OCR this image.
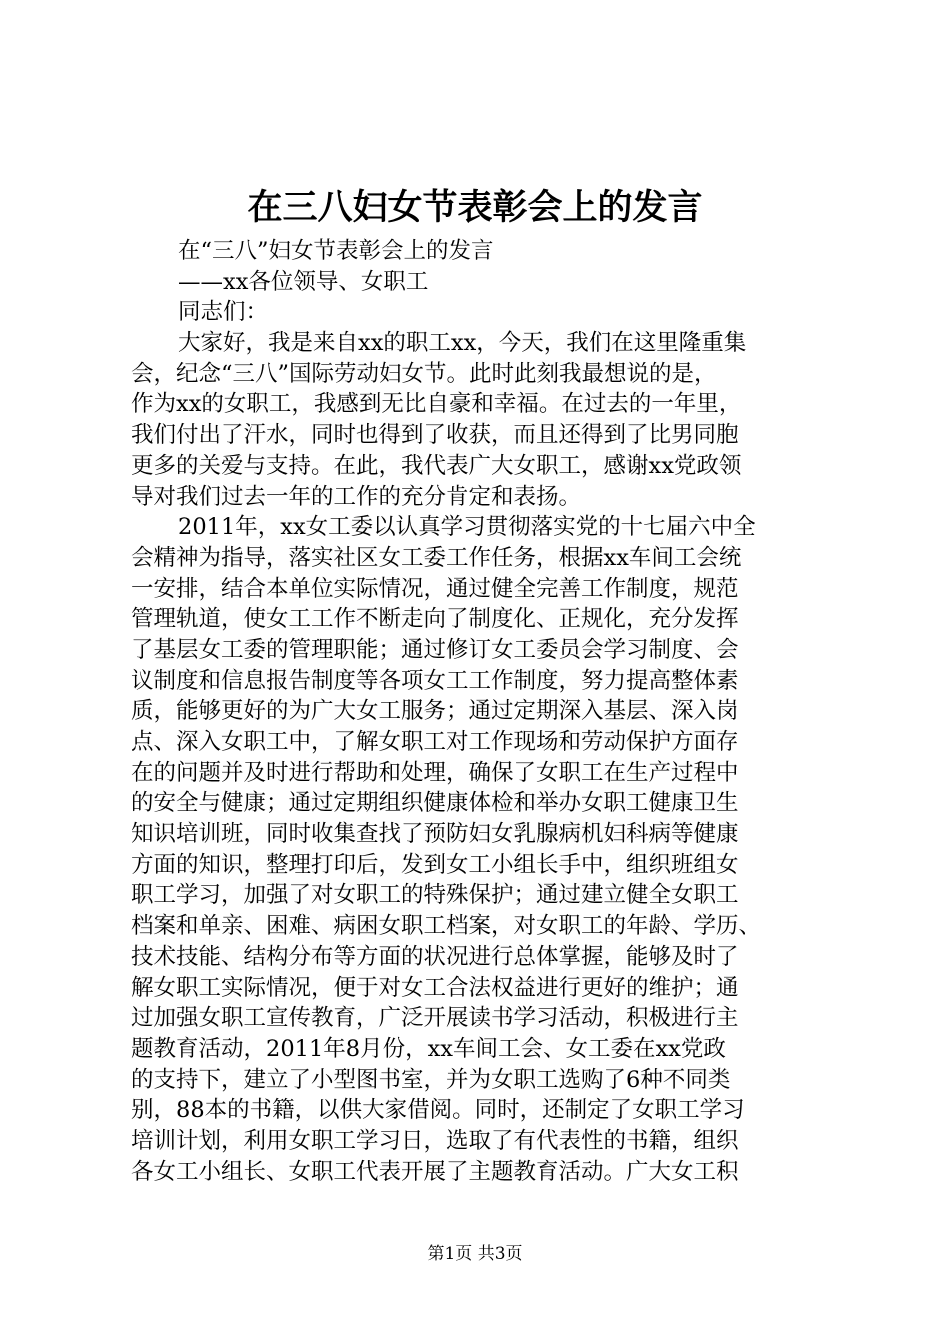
在三八妇女节表彰会上的发言
在“三八”妇女节表彰会上的发言
——xx各位领导、女职工
同志们：
大家好，我是来自xx的职工xx，今天，我们在这里隆重集
会，纪念“三八”国际劳动妇女节。此时此刻我最想说的是，
作为xx的女职工，我感到无比自豪和幸福。在过去的一年里，
我们付出了汗水，同时也得到了收获，而且还得到了比男同胞
更多的关爱与支持。在此，我代表广大女职工，感谢xx党政领
导对我们过去一年的工作的充分肯定和表扬。
2011年，xx女工委以认真学习贯彻落实党的十七届六中全
会精神为指导，落实社区女工委工作任务，根据xx车间工会统
一安排，结合本单位实际情况，通过健全完善工作制度，规范
管理轨道，使女工工作不断走向了制度化、正规化，充分发挥
了基层女工委的管理职能；通过修订女工委员会学习制度、会
议制度和信息报告制度等各项女工工作制度，努力提高整体素
质，能够更好的为广大女工服务；通过定期深入基层、深入岗
点、深入女职工中，了解女职工对工作现场和劳动保护方面存
在的问题并及时进行帮助和处理，确保了女职工在生产过程中
的安全与健康；通过定期组织健康体检和举办女职工健康卫生
知识培训班，同时收集查找了预防妇女乳腺病机妇科病等健康
方面的知识，整理打印后，发到女工小组长手中，组织班组女
职工学习，加强了对女职工的特殊保护；通过建立健全女职工
档案和单亲、困难、病困女职工档案，对女职工的年龄、学历、
技术技能、结构分布等方面的状况进行总体掌握，能够及时了
解女职工实际情况，便于对女工合法权益进行更好的维护；通
过加强女职工宣传教育，广泛开展读书学习活动，积极进行主
题教育活动，2011年8月份，xx车间工会、女工委在xx党政
的支持下，建立了小型图书室，并为女职工选购了6种不同类
别，88本的书籍，以供大家借阅。同时，还制定了女职工学习
培训计划，利用女职工学习日，选取了有代表性的书籍，组织
各女工小组长、女职工代表开展了主题教育活动。广大女工积
第1页 共3页
